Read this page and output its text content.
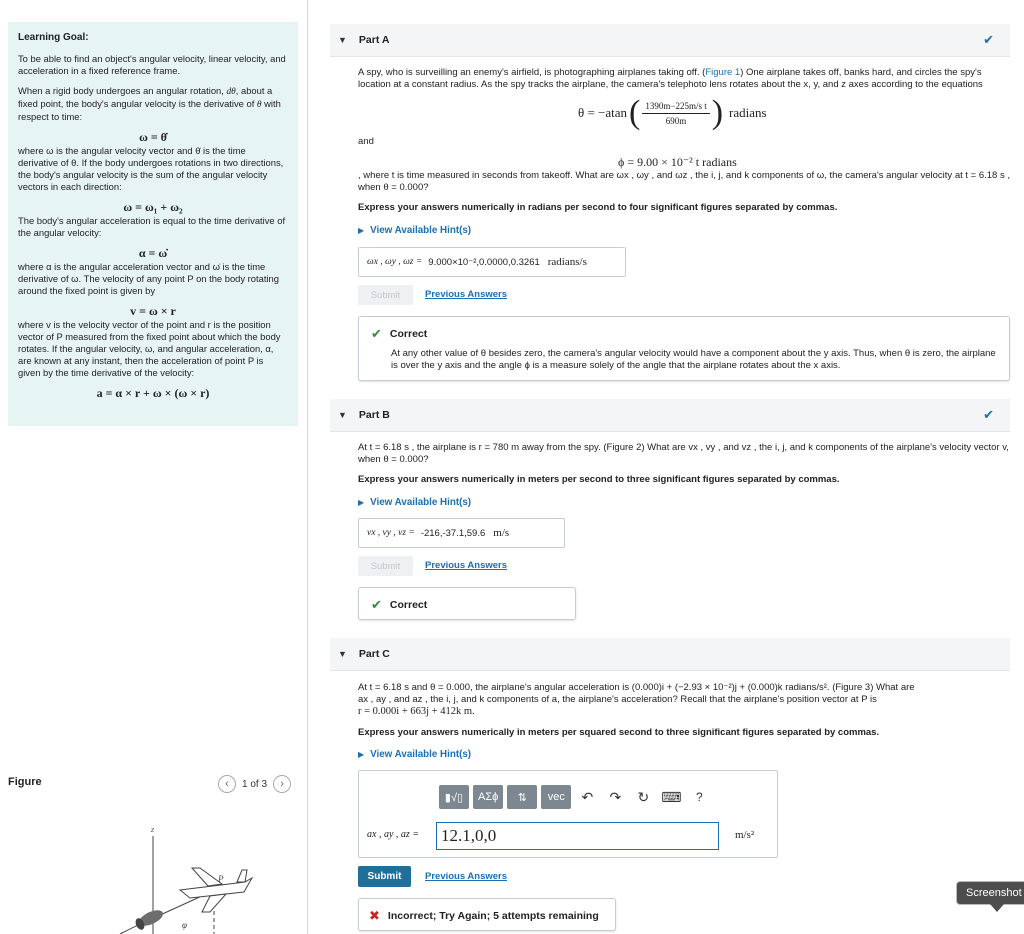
Learning Goal:

To be able to find an object's angular velocity, linear velocity, and acceleration in a fixed reference frame.

When a rigid body undergoes an angular rotation, dθ, about a fixed point, the body's angular velocity is the derivative of θ with respect to time:

ω = θ̇

where ω is the angular velocity vector and θ̇ is the time derivative of θ. If the body undergoes rotations in two directions, the body's angular velocity is the sum of the angular velocity vectors in each direction:

ω = ω₁ + ω₂

The body's angular acceleration is equal to the time derivative of the angular velocity:

α = ω̇

where α is the angular acceleration vector and ω̇ is the time derivative of ω. The velocity of any point P on the body rotating around the fixed point is given by

v = ω × r

where v is the velocity vector of the point and r is the position vector of P measured from the fixed point about which the body rotates. If the angular velocity, ω, and angular acceleration, α, are known at any instant, then the acceleration of point P is given by the time derivative of the velocity:

a = α × r + ω × (ω × r)
Figure	‹	1 of 3	›
z
P
φ
▼ Part A	✔
A spy, who is surveilling an enemy's airfield, is photographing airplanes taking off. (Figure 1) One airplane takes off, banks hard, and circles the spy's location at a constant radius. As the spy tracks the airplane, the camera's telephoto lens rotates about the x, y, and z axes according to the equations
θ = −atan ( $\frac{\text{1390m−225m/s t}}{690m}$ ) radians
and
ϕ = 9.00 × 10⁻² t radians
, where t is time measured in seconds from takeoff. What are ωx , ωy , and ωz , the i, j, and k components of ω, the camera's angular velocity at t = 6.18 s , when θ = 0.000?
Express your answers numerically in radians per second to four significant figures separated by commas.
▶ View Available Hint(s)
ωx , ωy , ωz = 9.000×10⁻²,0.0000,0.3261 radians/s
Submit	Previous Answers
✔ Correct
At any other value of θ besides zero, the camera's angular velocity would have a component about the y axis. Thus, when θ is zero, the airplane is over the y axis and the angle ϕ is a measure solely of the angle that the airplane rotates about the x axis.
▼ Part B	✔
At t = 6.18 s , the airplane is r = 780 m away from the spy. (Figure 2) What are vx , vy , and vz , the i, j, and k components of the airplane's velocity vector v, when θ = 0.000?
Express your answers numerically in meters per second to three significant figures separated by commas.
▶ View Available Hint(s)
vx , vy , vz = -216,-37.1,59.6 m/s
Submit	Previous Answers
✔ Correct
▼ Part C
At t = 6.18 s and θ = 0.000, the airplane's angular acceleration is (0.000)i + (−2.93 × 10⁻²)j + (0.000)k radians/s². (Figure 3) What are
ax , ay , and az , the i, j, and k components of a, the airplane's acceleration? Recall that the airplane's position vector at P is
r = 0.000i + 663j + 412k m.
Express your answers numerically in meters per squared second to three significant figures separated by commas.
▶ View Available Hint(s)
▮√▯	ΑΣϕ	⇅	vec	↶	↷	↻ ⌨	?
ax , ay , az = 12.1,0,0	m/s²
Submit	Previous Answers
✖ Incorrect; Try Again; 5 attempts remaining
Screenshot
